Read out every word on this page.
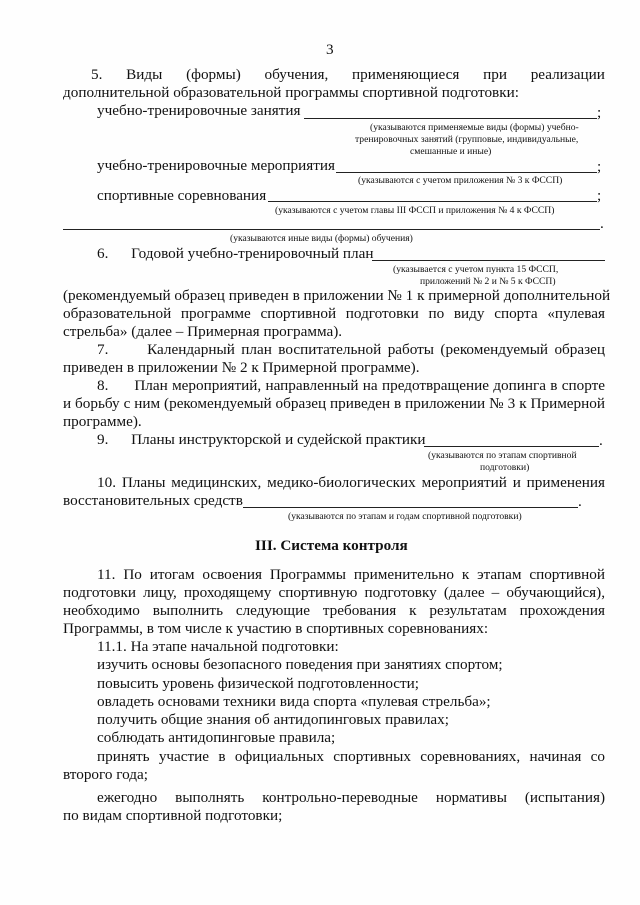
3
5. Виды (формы) обучения, применяющиеся при реализации
дополнительной образовательной программы спортивной подготовки:
учебно-тренировочные занятия	;
(указываются применяемые виды (формы) учебно-
тренировочных занятий (групповые, индивидуальные,
смешанные и иные)
учебно-тренировочные мероприятия	;
(указываются с учетом приложения № 3 к ФССП)
спортивные соревнования	;
(указываются с учетом главы III ФССП и приложения № 4 к ФССП)
.
(указываются иные виды (формы) обучения)
6.      Годовой учебно-тренировочный план
(указывается с учетом пункта 15 ФССП,
приложений № 2 и № 5 к ФССП)
(рекомендуемый образец приведен в приложении № 1 к примерной дополнительной
образовательной программе спортивной подготовки по виду спорта «пулевая
стрельба» (далее – Примерная программа).
7.      Календарный план воспитательной работы (рекомендуемый образец
приведен в приложении № 2 к Примерной программе).
8.      План мероприятий, направленный на предотвращение допинга в спорте
и борьбу с ним (рекомендуемый образец приведен в приложении № 3 к Примерной
программе).
9.      Планы инструкторской и судейской практики	.
(указываются по этапам спортивной
подготовки)
10. Планы медицинских, медико-биологических мероприятий и применения
восстановительных средств	.
(указываются по этапам и годам спортивной подготовки)
III. Система контроля
11. По итогам освоения Программы применительно к этапам спортивной
подготовки лицу, проходящему спортивную подготовку (далее – обучающийся),
необходимо выполнить следующие требования к результатам прохождения
Программы, в том числе к участию в спортивных соревнованиях:
11.1. На этапе начальной подготовки:
изучить основы безопасного поведения при занятиях спортом;
повысить уровень физической подготовленности;
овладеть основами техники вида спорта «пулевая стрельба»;
получить общие знания об антидопинговых правилах;
соблюдать антидопинговые правила;
принять участие в официальных спортивных соревнованиях, начиная со
второго года;
ежегодно выполнять контрольно-переводные нормативы (испытания)
по видам спортивной подготовки;
